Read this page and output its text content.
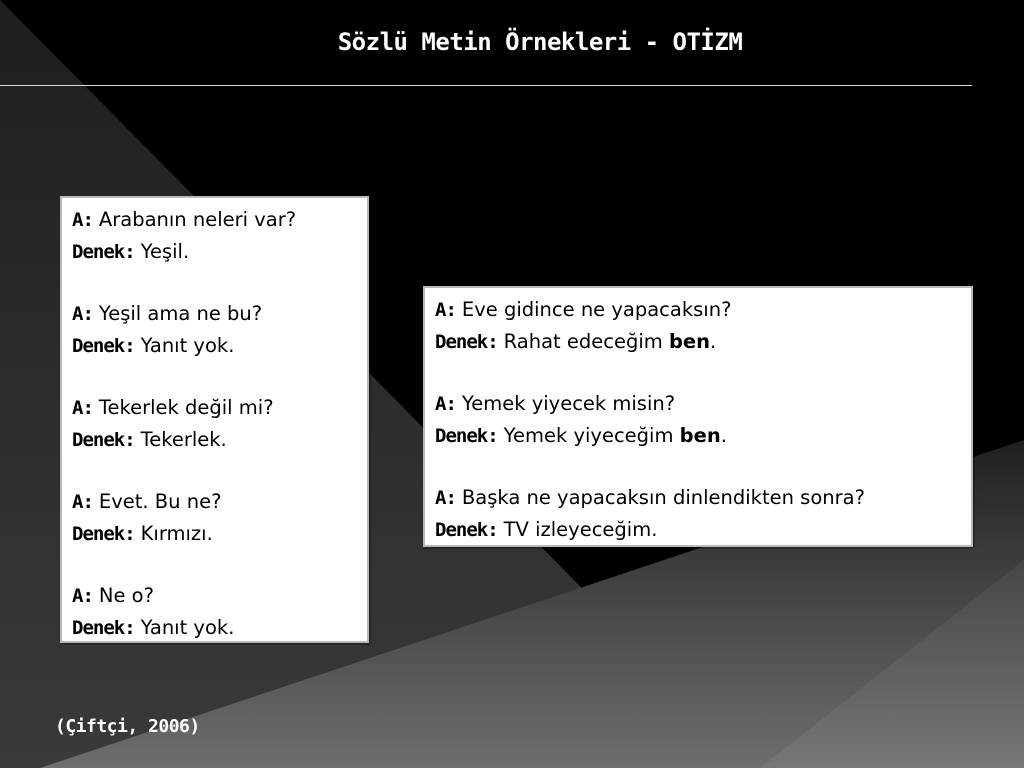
Sözlü Metin Örnekleri - OTİZM
A: Arabanın neleri var?
Denek: Yeşil.
A: Yeşil ama ne bu?
Denek: Yanıt yok.
A: Tekerlek değil mi?
Denek: Tekerlek.
A: Evet. Bu ne?
Denek: Kırmızı.
A: Ne o?
Denek: Yanıt yok.
A: Eve gidince ne yapacaksın?
Denek: Rahat edeceğim ben.
A: Yemek yiyecek misin?
Denek: Yemek yiyeceğim ben.
A: Başka ne yapacaksın dinlendikten sonra?
Denek: TV izleyeceğim.
(Çiftçi, 2006)
